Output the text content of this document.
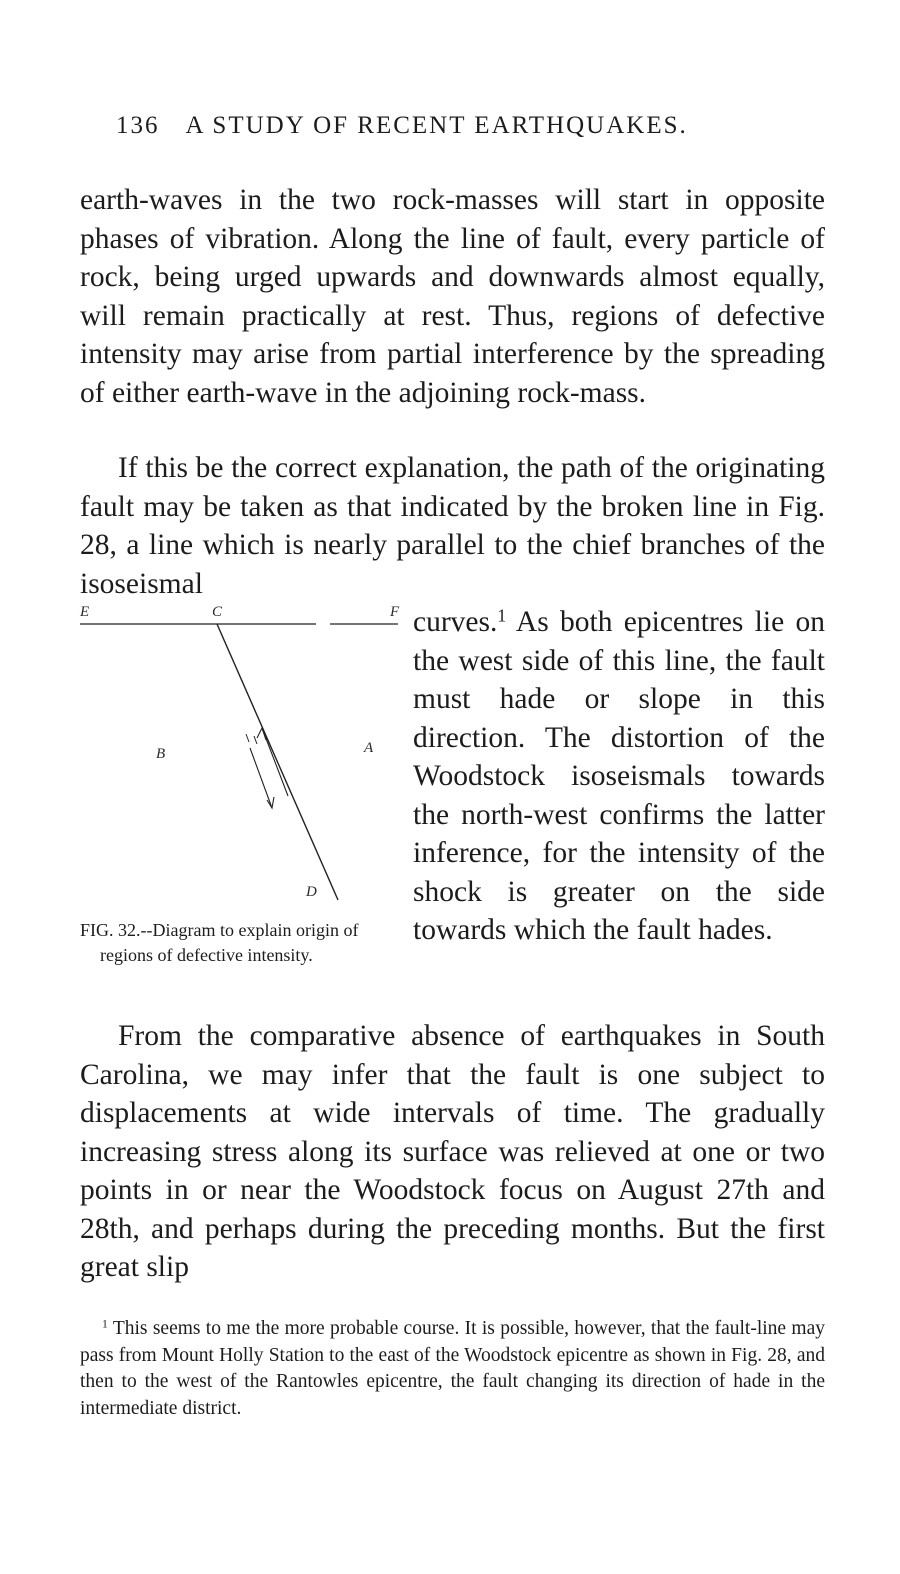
136 A STUDY OF RECENT EARTHQUAKES.

earth-waves in the two rock-masses will start in opposite phases of vibration. Along the line of fault, every particle of rock, being urged upwards and downwards almost equally, will remain practically at rest. Thus, regions of defective intensity may arise from partial interference by the spreading of either earth-wave in the adjoining rock-mass.

If this be the correct explanation, the path of the originating fault may be taken as that indicated by the broken line in Fig. 28, a line which is nearly parallel to the chief branches of the isoseismal

curves.$^1$ As both epicentres lie on the west side of this line, the fault must hade or slope in this direction. The distortion of the Woodstock isoseismals towards the north-west confirms the latter inference, for the intensity of the shock is greater on the side towards which the fault hades.

E	C	F
B	A
D

FIG. 32.--Diagram to explain origin of regions of defective intensity.

From the comparative absence of earthquakes in South Carolina, we may infer that the fault is one subject to displacements at wide intervals of time. The gradually increasing stress along its surface was relieved at one or two points in or near the Woodstock focus on August 27th and 28th, and perhaps during the preceding months. But the first great slip

$^1$ This seems to me the more probable course. It is possible, however, that the fault-line may pass from Mount Holly Station to the east of the Woodstock epicentre as shown in Fig. 28, and then to the west of the Rantowles epicentre, the fault changing its direction of hade in the intermediate district.
